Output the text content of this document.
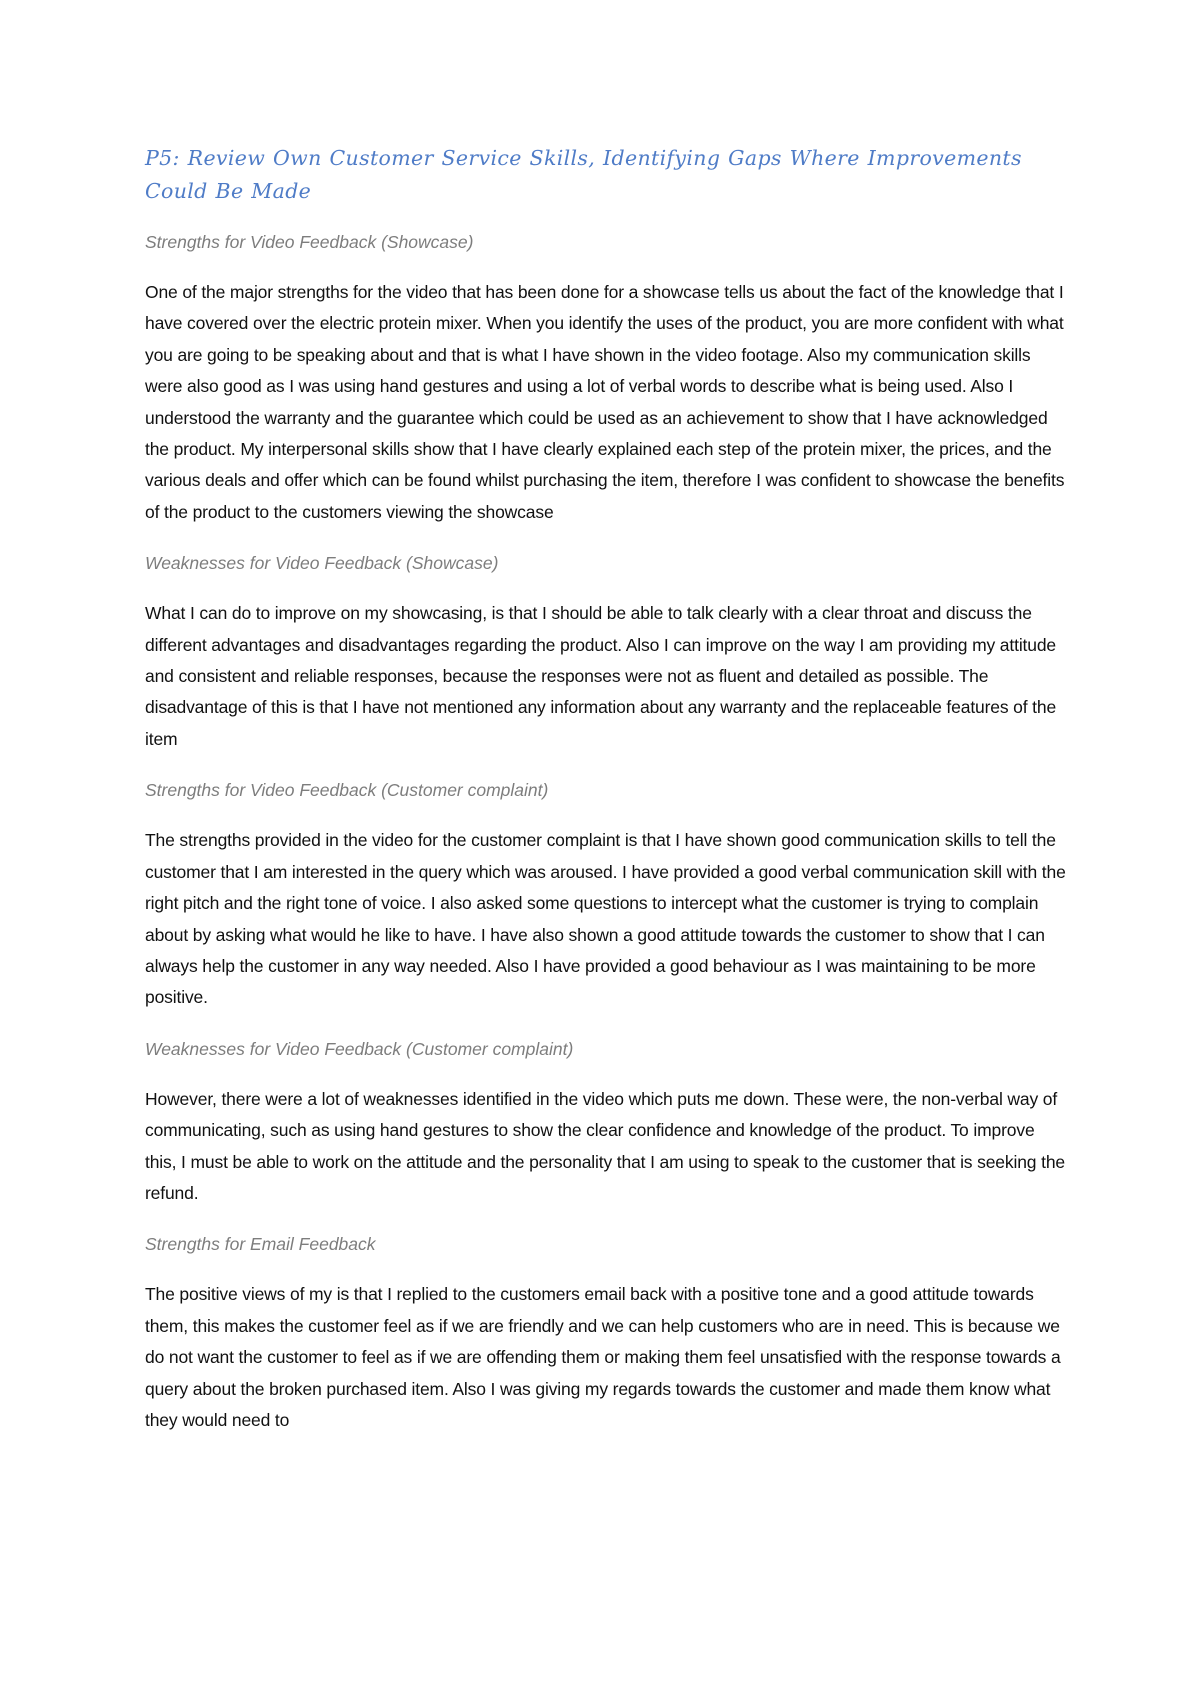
P5: Review Own Customer Service Skills, Identifying Gaps Where Improvements Could Be Made

Strengths for Video Feedback (Showcase)

One of the major strengths for the video that has been done for a showcase tells us about the fact of the knowledge that I have covered over the electric protein mixer. When you identify the uses of the product, you are more confident with what you are going to be speaking about and that is what I have shown in the video footage. Also my communication skills were also good as I was using hand gestures and using a lot of verbal words to describe what is being used. Also I understood the warranty and the guarantee which could be used as an achievement to show that I have acknowledged the product. My interpersonal skills show that I have clearly explained each step of the protein mixer, the prices, and the various deals and offer which can be found whilst purchasing the item, therefore I was confident to showcase the benefits of the product to the customers viewing the showcase

Weaknesses for Video Feedback (Showcase)

What I can do to improve on my showcasing, is that I should be able to talk clearly with a clear throat and discuss the different advantages and disadvantages regarding the product. Also I can improve on the way I am providing my attitude and consistent and reliable responses, because the responses were not as fluent and detailed as possible. The disadvantage of this is that I have not mentioned any information about any warranty and the replaceable features of the item

Strengths for Video Feedback (Customer complaint)

The strengths provided in the video for the customer complaint is that I have shown good communication skills to tell the customer that I am interested in the query which was aroused. I have provided a good verbal communication skill with the right pitch and the right tone of voice. I also asked some questions to intercept what the customer is trying to complain about by asking what would he like to have. I have also shown a good attitude towards the customer to show that I can always help the customer in any way needed. Also I have provided a good behaviour as I was maintaining to be more positive.

Weaknesses for Video Feedback (Customer complaint)

However, there were a lot of weaknesses identified in the video which puts me down. These were, the non-verbal way of communicating, such as using hand gestures to show the clear confidence and knowledge of the product. To improve this, I must be able to work on the attitude and the personality that I am using to speak to the customer that is seeking the refund.

Strengths for Email Feedback

The positive views of my is that I replied to the customers email back with a positive tone and a good attitude towards them, this makes the customer feel as if we are friendly and we can help customers who are in need. This is because we do not want the customer to feel as if we are offending them or making them feel unsatisfied with the response towards a query about the broken purchased item. Also I was giving my regards towards the customer and made them know what they would need to
